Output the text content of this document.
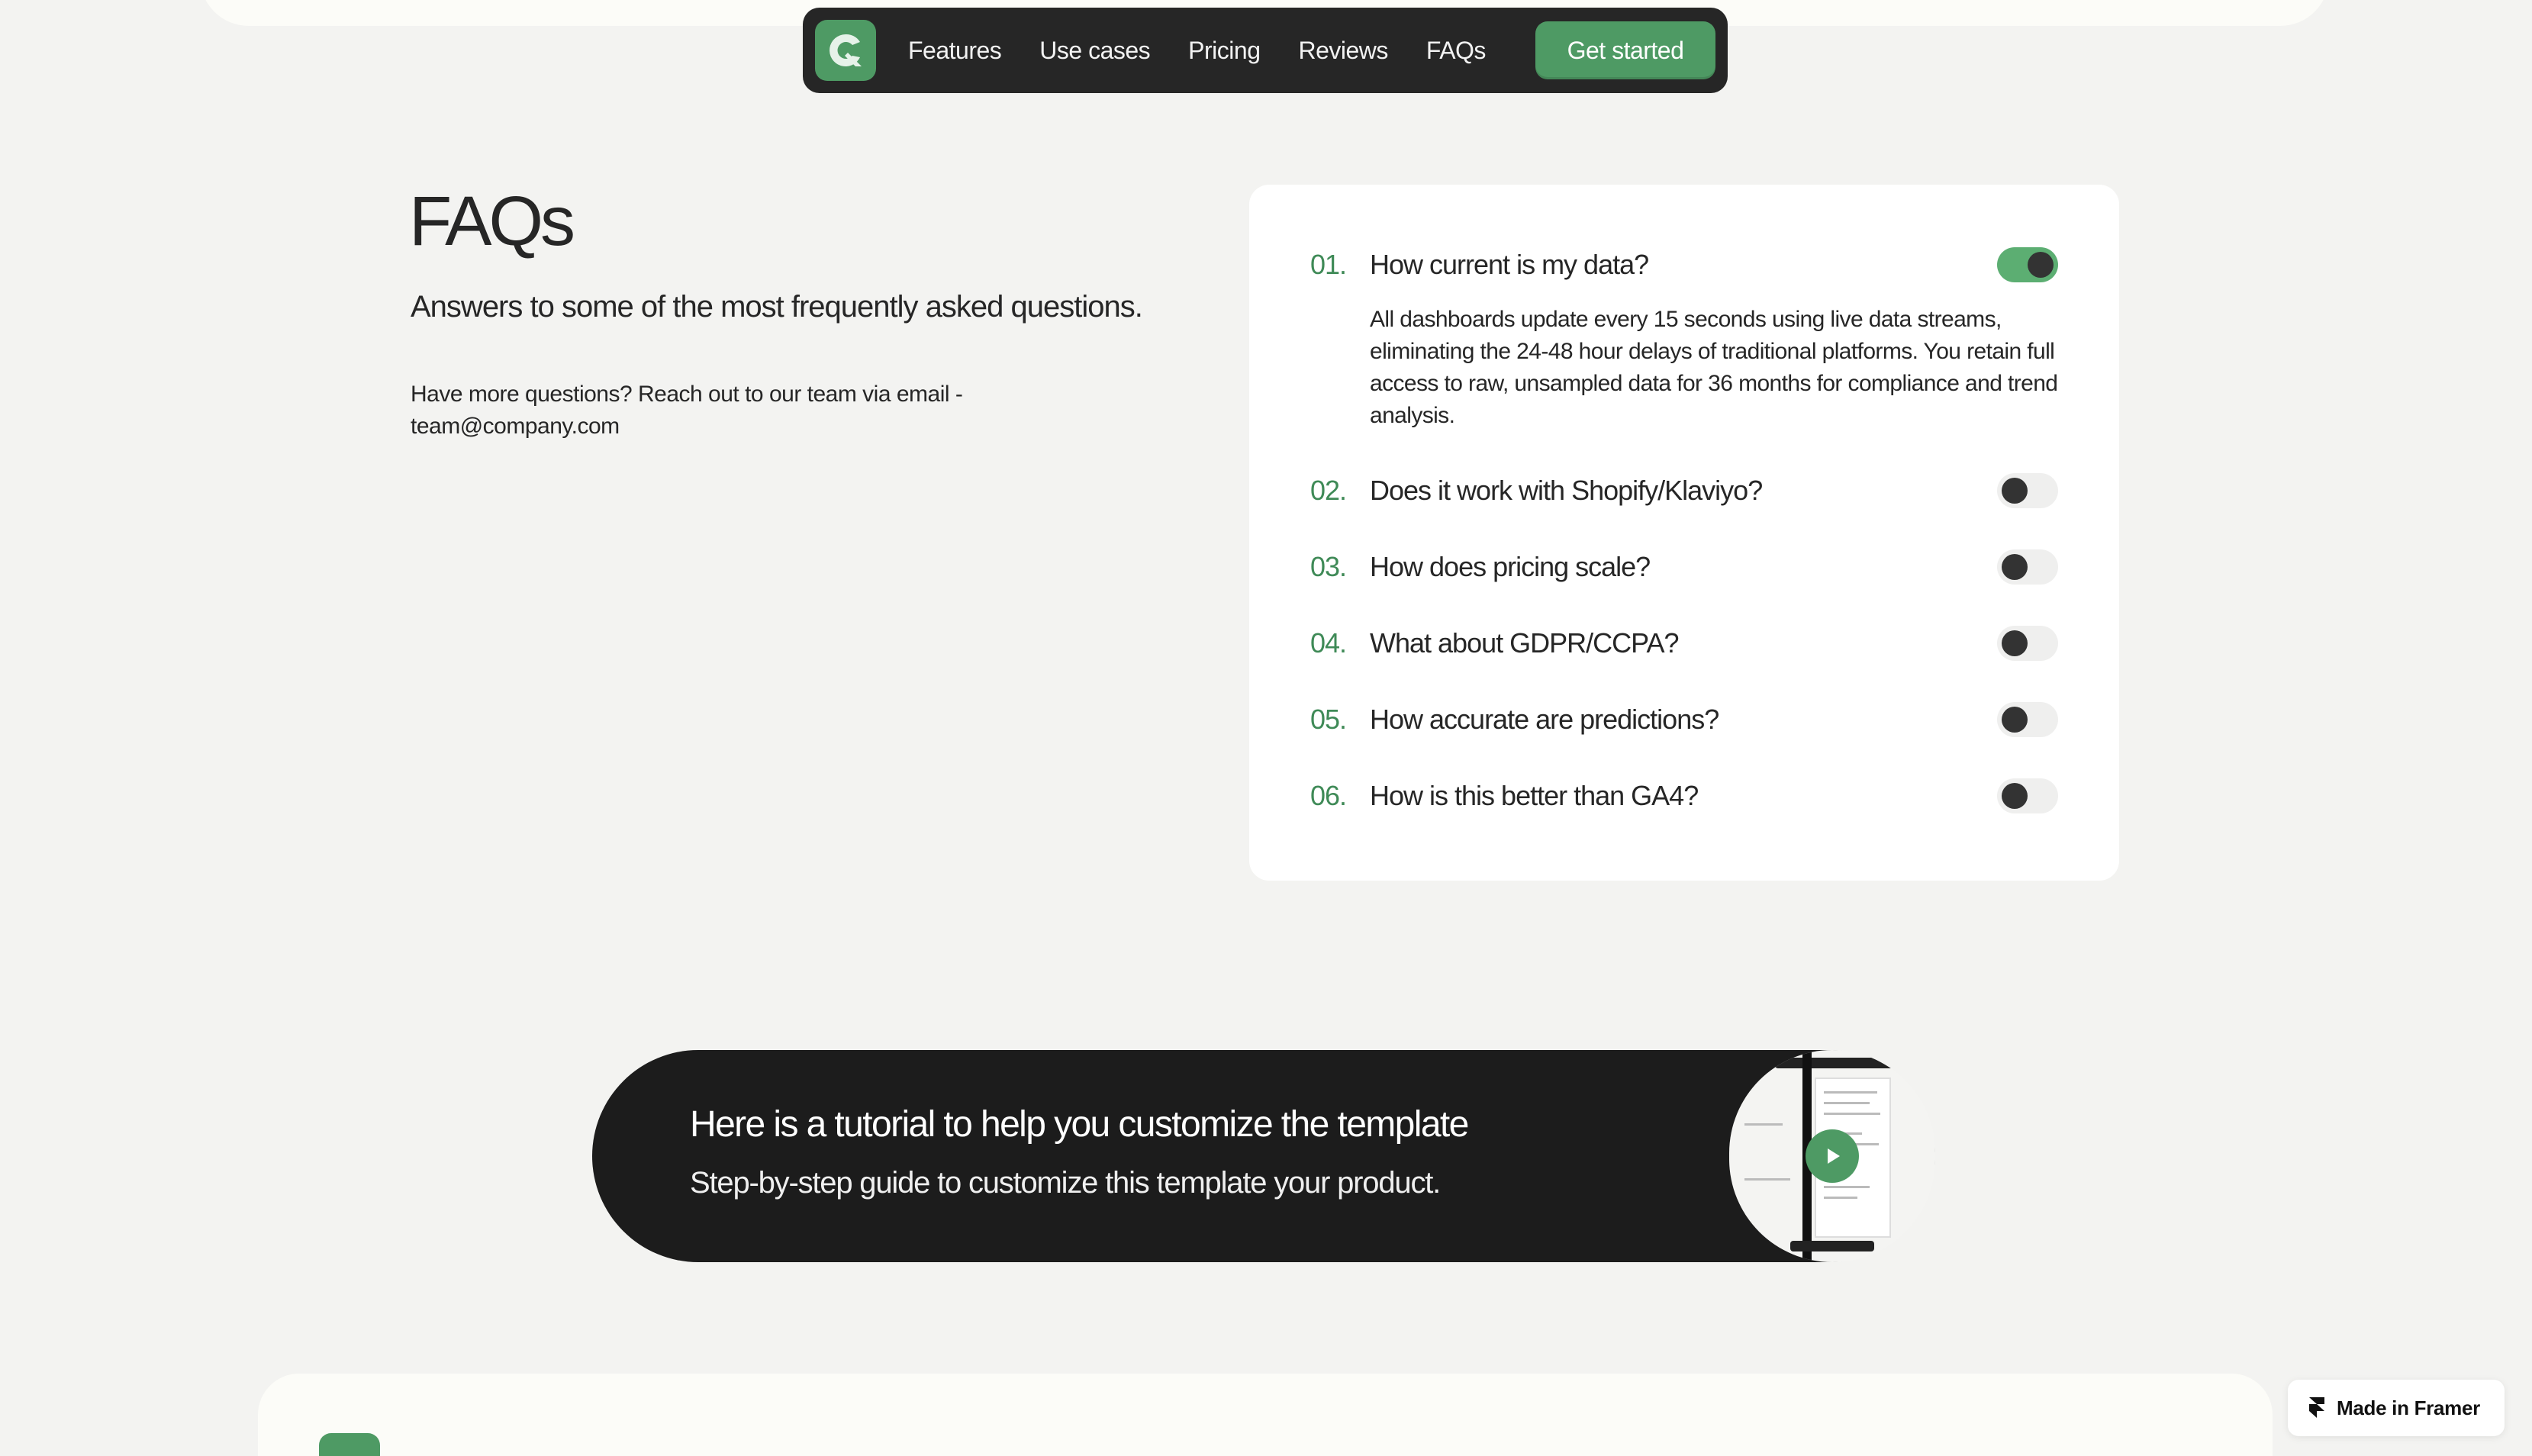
Features Use cases Pricing Reviews FAQs	Get started
FAQs

Answers to some of the most frequently asked questions.

Have more questions? Reach out to our team via email - team@company.com

01. How current is my data?

All dashboards update every 15 seconds using live data streams, eliminating the 24-48 hour delays of traditional platforms. You retain full access to raw, unsampled data for 36 months for compliance and trend analysis.

02. Does it work with Shopify/Klaviyo?
03. How does pricing scale?
04. What about GDPR/CCPA?
05. How accurate are predictions?
06. How is this better than GA4?
Here is a tutorial to help you customize the template
Step-by-step guide to customize this template your product.
Made in Framer
